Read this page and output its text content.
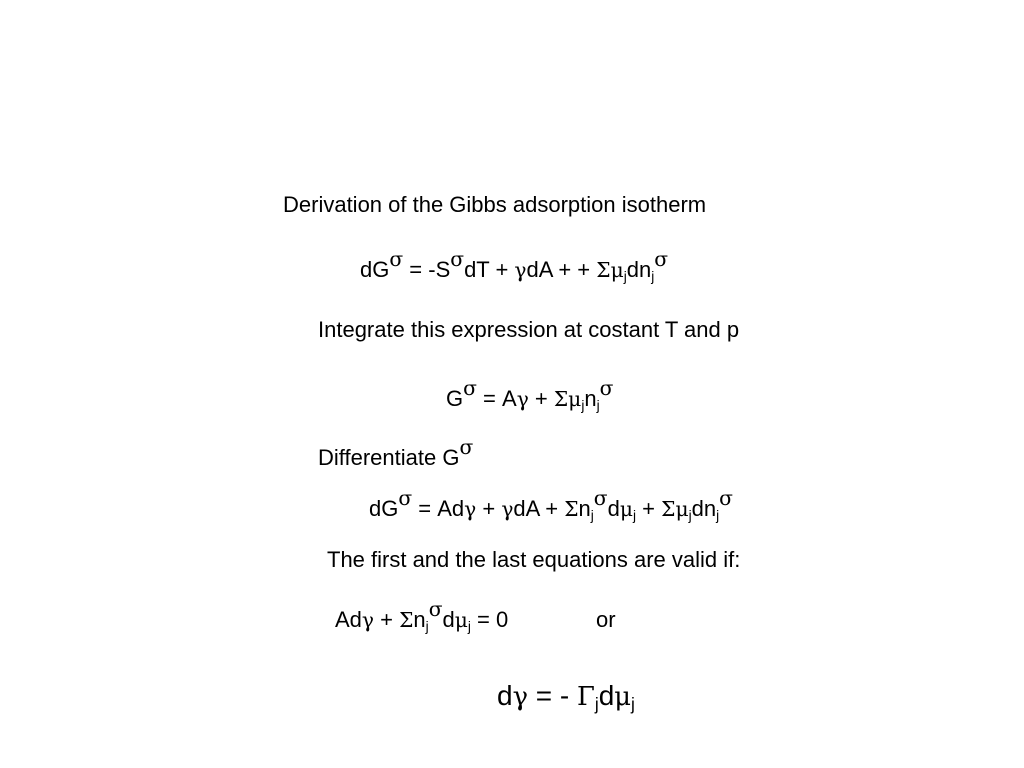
Derivation of the Gibbs adsorption isotherm
$dG^\sigma = -S^\sigma dT + \gamma dA$ + + $\Sigma\mu_jdn_j^\sigma$
Integrate this expression at costant T and p
$G^\sigma = A\gamma + \Sigma\mu_jn_j^\sigma$
Differentiate $G^\sigma$
$dG^\sigma = Ad\gamma + \gamma dA + \Sigma n_j^\sigma d\mu_j + \Sigma\mu_jdn_j^\sigma$
The first and the last equations are valid if:
$Ad\gamma + \Sigma n_j^\sigma d\mu_j = 0$	or
dγ = - $\Gamma_jd\mu_j$
